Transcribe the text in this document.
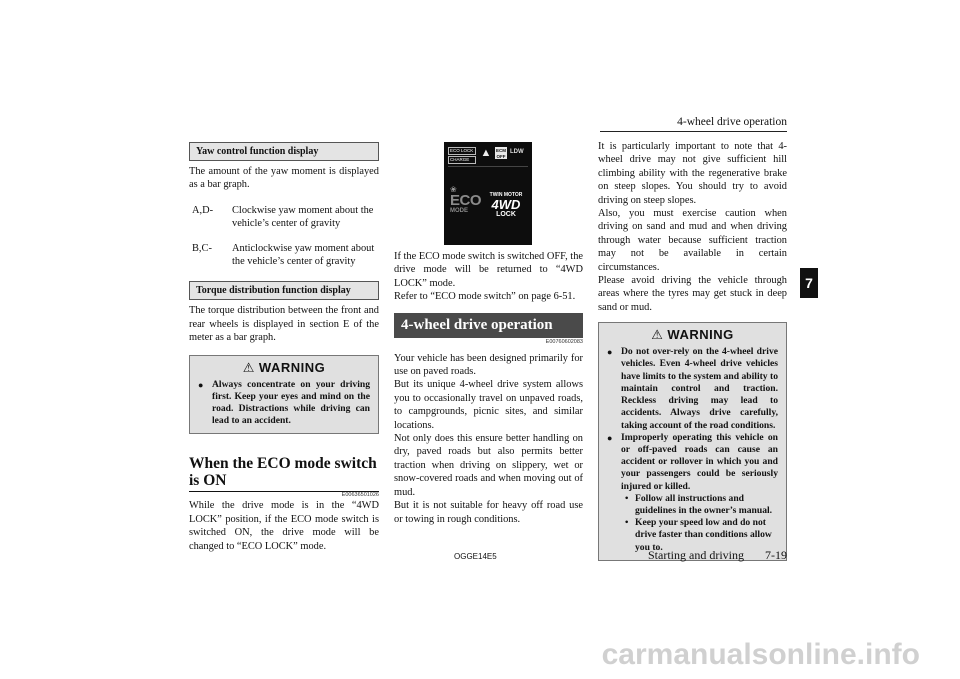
4-wheel drive operation
7
Yaw control function display

The amount of the yaw moment is displayed as a bar graph.

A,D-	Clockwise yaw moment about the vehicle’s center of gravity
B,C-	Anticlockwise yaw moment about the vehicle’s center of gravity
Torque distribution function display

The torque distribution between the front and rear wheels is displayed in section E of the meter as a bar graph.

⚠ WARNING
● Always concentrate on your driving first. Keep your eyes and mind on the road. Distractions while driving can lead to an accident.
When the ECO mode switch is ON
E00636501026

While the drive mode is in the “4WD LOCK” position, if the ECO mode switch is switched ON, the drive mode will be changed to “ECO LOCK” mode.

ECO LOCK
CHARGE
▲	ECM OFF
LDW
❀
ECO
MODE
TWIN MOTOR
4WD
LOCK

If the ECO mode switch is switched OFF, the drive mode will be returned to “4WD LOCK” mode.

Refer to “ECO mode switch” on page 6-51.

4-wheel drive operation
E00760602083

Your vehicle has been designed primarily for use on paved roads.

But its unique 4-wheel drive system allows you to occasionally travel on unpaved roads, to campgrounds, picnic sites, and similar locations.

Not only does this ensure better handling on dry, paved roads but also permits better traction when driving on slippery, wet or snow-covered roads and when moving out of mud.

But it is not suitable for heavy off road use or towing in rough conditions.

It is particularly important to note that 4-wheel drive may not give sufficient hill climbing ability with the regenerative brake on steep slopes. You should try to avoid driving on steep slopes.

Also, you must exercise caution when driving on sand and mud and when driving through water because sufficient traction may not be available in certain circumstances.

Please avoid driving the vehicle through areas where the tyres may get stuck in deep sand or mud.

⚠ WARNING
● Do not over-rely on the 4-wheel drive vehicles. Even 4-wheel drive vehicles have limits to the system and ability to maintain control and traction. Reckless driving may lead to accidents. Always drive carefully, taking account of the road conditions.
● Improperly operating this vehicle on or off-paved roads can cause an accident or rollover in which you and your passengers could be seriously injured or killed.
• Follow all instructions and guidelines in the owner’s manual.
• Keep your speed low and do not drive faster than conditions allow you to.
OGGE14E5	Starting and driving 7-19
carmanualsonline.info
